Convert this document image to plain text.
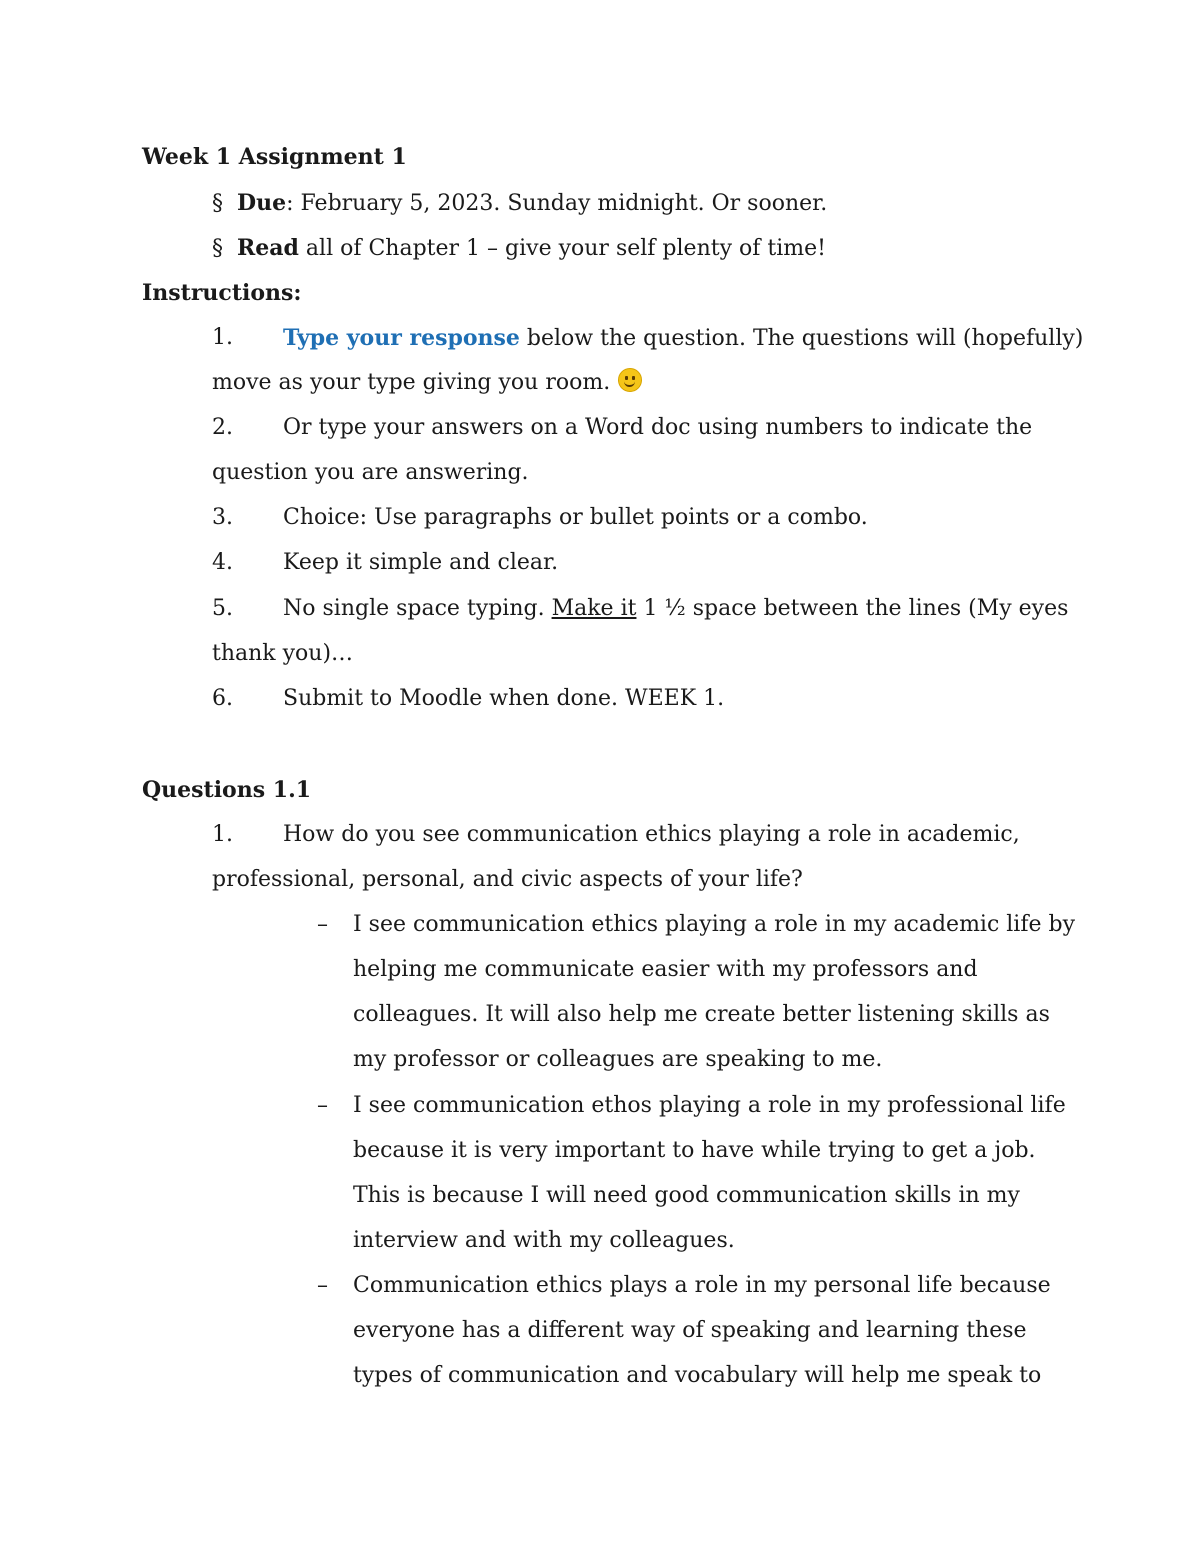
Week 1 Assignment 1
§ Due: February 5, 2023. Sunday midnight. Or sooner.
§ Read all of Chapter 1 – give your self plenty of time!
Instructions:
1. Type your response below the question. The questions will (hopefully)
move as your type giving you room.
2. Or type your answers on a Word doc using numbers to indicate the
question you are answering.
3. Choice: Use paragraphs or bullet points or a combo.
4. Keep it simple and clear.
5. No single space typing. Make it 1 ½ space between the lines (My eyes
thank you)…
6. Submit to Moodle when done. WEEK 1.
Questions 1.1
1. How do you see communication ethics playing a role in academic,
professional, personal, and civic aspects of your life?
– I see communication ethics playing a role in my academic life by
helping me communicate easier with my professors and
colleagues. It will also help me create better listening skills as
my professor or colleagues are speaking to me.
– I see communication ethos playing a role in my professional life
because it is very important to have while trying to get a job.
This is because I will need good communication skills in my
interview and with my colleagues.
– Communication ethics plays a role in my personal life because
everyone has a different way of speaking and learning these
types of communication and vocabulary will help me speak to
